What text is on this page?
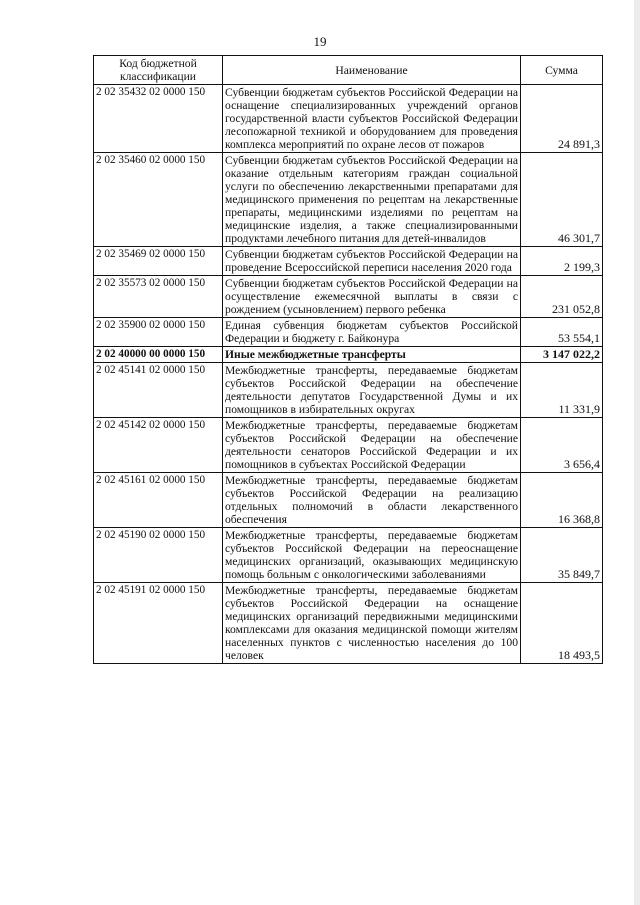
19
Код бюджетной классификации	Наименование	Сумма
2 02 35432 02 0000 150	Субвенции бюджетам субъектов Российской Федерации на оснащение специализированных учреждений органов государственной власти субъектов Российской Федерации лесопожарной техникой и оборудованием для проведения комплекса мероприятий по охране лесов от пожаров	24 891,3
2 02 35460 02 0000 150	Субвенции бюджетам субъектов Российской Федерации на оказание отдельным категориям граждан социальной услуги по обеспечению лекарственными препаратами для медицинского применения по рецептам на лекарственные препараты, медицинскими изделиями по рецептам на медицинские изделия, а также специализированными продуктами лечебного питания для детей-инвалидов	46 301,7
2 02 35469 02 0000 150	Субвенции бюджетам субъектов Российской Федерации на проведение Всероссийской переписи населения 2020 года	2 199,3
2 02 35573 02 0000 150	Субвенции бюджетам субъектов Российской Федерации на осуществление ежемесячной выплаты в связи с рождением (усыновлением) первого ребенка	231 052,8
2 02 35900 02 0000 150	Единая субвенция бюджетам субъектов Российской Федерации и бюджету г. Байконура	53 554,1
2 02 40000 00 0000 150	Иные межбюджетные трансферты	3 147 022,2
2 02 45141 02 0000 150	Межбюджетные трансферты, передаваемые бюджетам субъектов Российской Федерации на обеспечение деятельности депутатов Государственной Думы и их помощников в избирательных округах	11 331,9
2 02 45142 02 0000 150	Межбюджетные трансферты, передаваемые бюджетам субъектов Российской Федерации на обеспечение деятельности сенаторов Российской Федерации и их помощников в субъектах Российской Федерации	3 656,4
2 02 45161 02 0000 150	Межбюджетные трансферты, передаваемые бюджетам субъектов Российской Федерации на реализацию отдельных полномочий в области лекарственного обеспечения	16 368,8
2 02 45190 02 0000 150	Межбюджетные трансферты, передаваемые бюджетам субъектов Российской Федерации на переоснащение медицинских организаций, оказывающих медицинскую помощь больным с онкологическими заболеваниями	35 849,7
2 02 45191 02 0000 150	Межбюджетные трансферты, передаваемые бюджетам субъектов Российской Федерации на оснащение медицинских организаций передвижными медицинскими комплексами для оказания медицинской помощи жителям населенных пунктов с численностью населения до 100 человек	18 493,5
